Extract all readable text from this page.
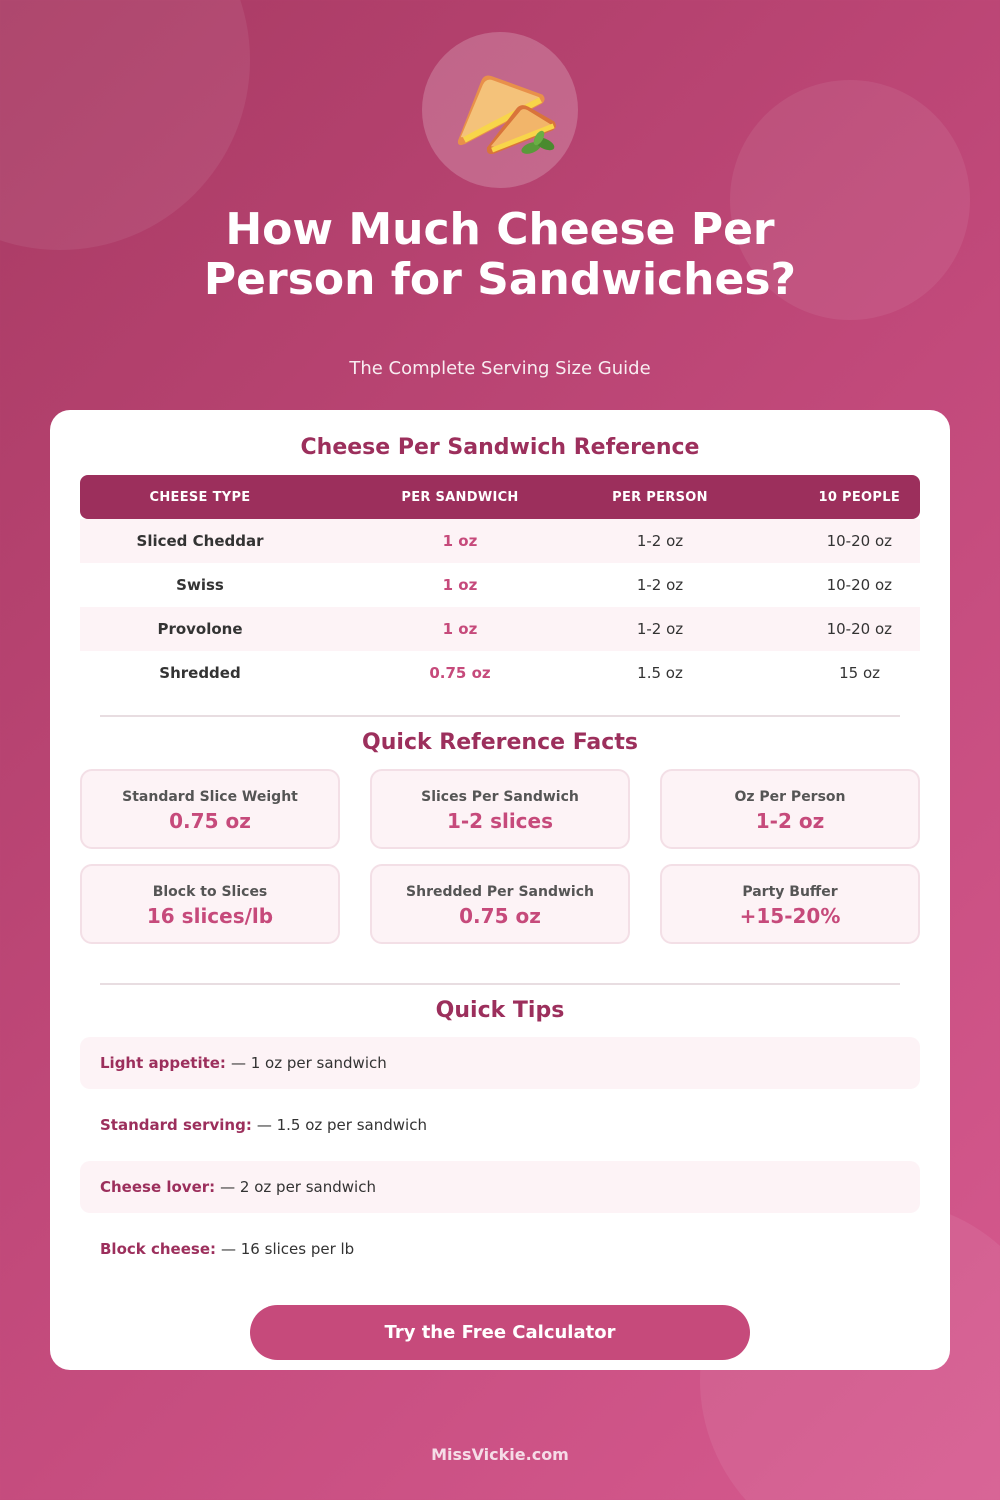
How Much Cheese Per
Person for Sandwiches?
The Complete Serving Size Guide
Cheese Per Sandwich Reference
CHEESE TYPE	PER SANDWICH	PER PERSON	10 PEOPLE
Sliced Cheddar	1 oz	1-2 oz	10-20 oz
Swiss	1 oz	1-2 oz	10-20 oz
Provolone	1 oz	1-2 oz	10-20 oz
Shredded	0.75 oz	1.5 oz	15 oz
Quick Reference Facts
Standard Slice Weight
0.75 oz
Slices Per Sandwich
1-2 slices
Oz Per Person
1-2 oz
Block to Slices
16 slices/lb
Shredded Per Sandwich
0.75 oz
Party Buffer
+15-20%
Quick Tips
Light appetite: — 1 oz per sandwich
Standard serving: — 1.5 oz per sandwich
Cheese lover: — 2 oz per sandwich
Block cheese: — 16 slices per lb
Try the Free Calculator
MissVickie.com
